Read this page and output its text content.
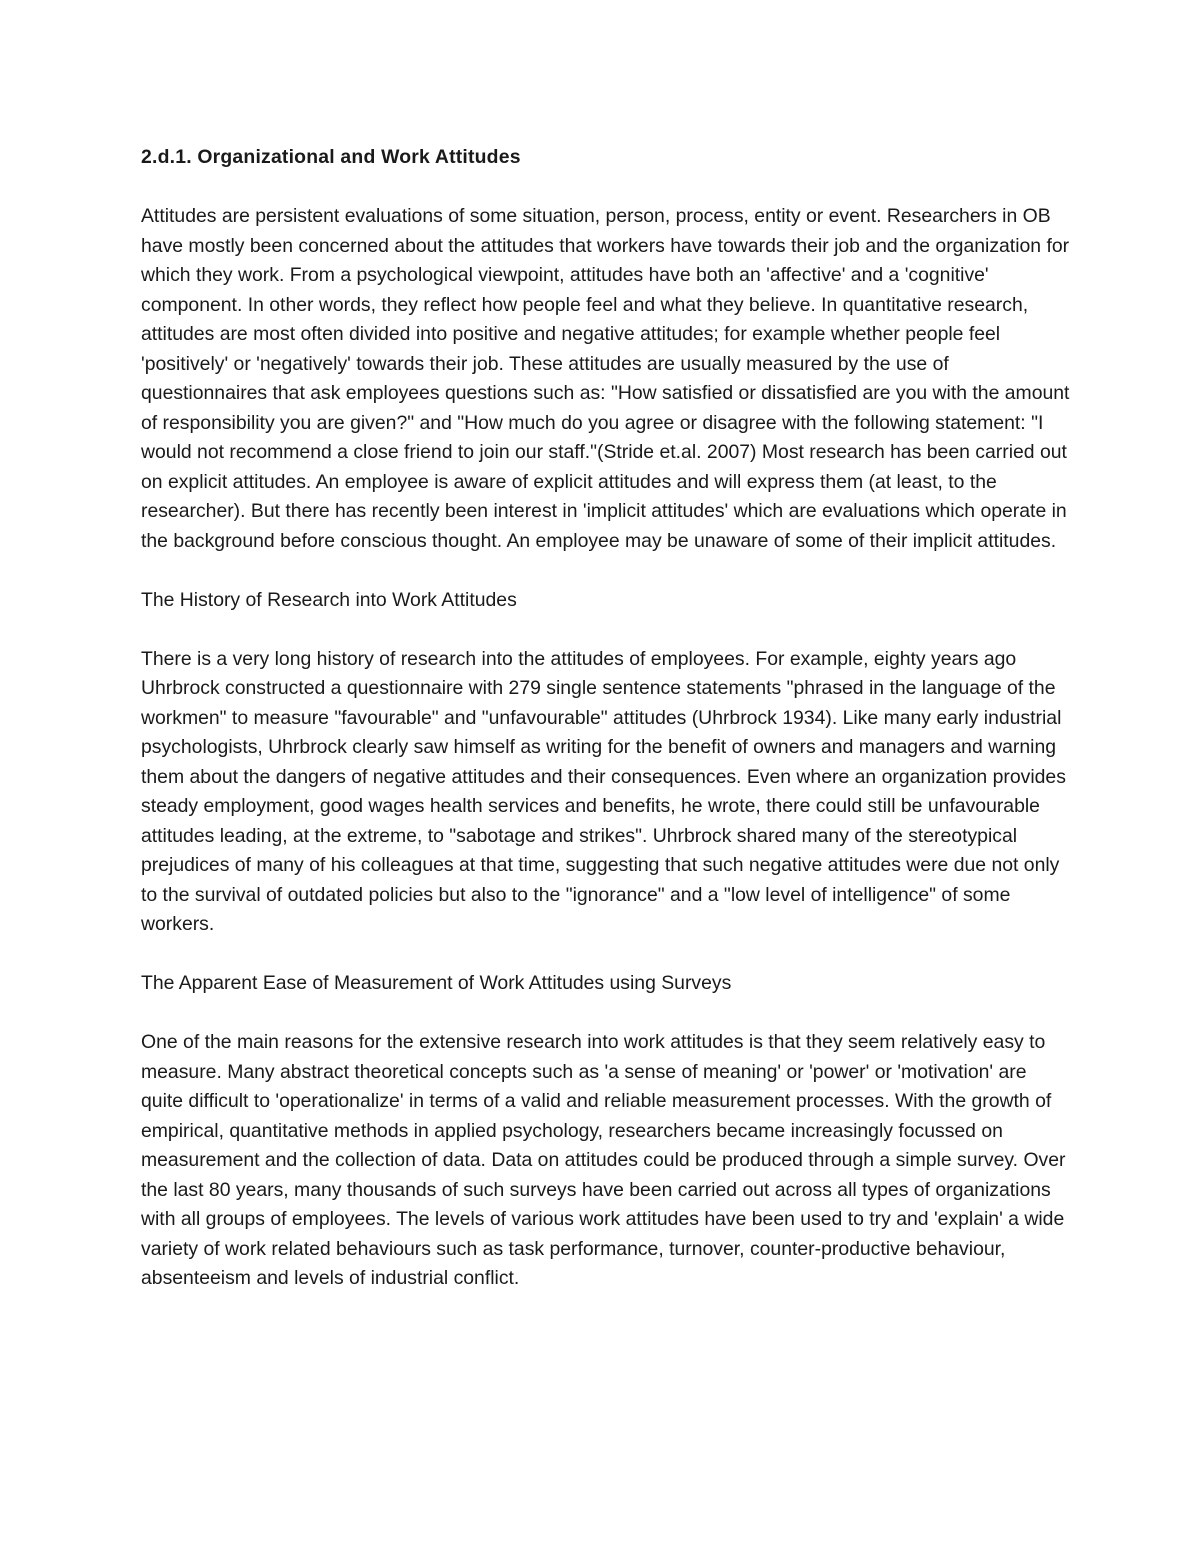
2.d.1. Organizational and Work Attitudes

Attitudes are persistent evaluations of some situation, person, process, entity or event. Researchers in OB have mostly been concerned about the attitudes that workers have towards their job and the organization for which they work. From a psychological viewpoint, attitudes have both an 'affective' and a 'cognitive' component. In other words, they reflect how people feel and what they believe. In quantitative research, attitudes are most often divided into positive and negative attitudes; for example whether people feel 'positively' or 'negatively' towards their job. These attitudes are usually measured by the use of questionnaires that ask employees questions such as: "How satisfied or dissatisfied are you with the amount of responsibility you are given?" and "How much do you agree or disagree with the following statement: "I would not recommend a close friend to join our staff."(Stride et.al. 2007) Most research has been carried out on explicit attitudes. An employee is aware of explicit attitudes and will express them (at least, to the researcher). But there has recently been interest in 'implicit attitudes' which are evaluations which operate in the background before conscious thought. An employee may be unaware of some of their implicit attitudes.

The History of Research into Work Attitudes

There is a very long history of research into the attitudes of employees. For example, eighty years ago Uhrbrock constructed a questionnaire with 279 single sentence statements "phrased in the language of the workmen" to measure "favourable" and "unfavourable" attitudes (Uhrbrock 1934). Like many early industrial psychologists, Uhrbrock clearly saw himself as writing for the benefit of owners and managers and warning them about the dangers of negative attitudes and their consequences. Even where an organization provides steady employment, good wages health services and benefits, he wrote, there could still be unfavourable attitudes leading, at the extreme, to "sabotage and strikes". Uhrbrock shared many of the stereotypical prejudices of many of his colleagues at that time, suggesting that such negative attitudes were due not only to the survival of outdated policies but also to the "ignorance" and a "low level of intelligence" of some workers.

The Apparent Ease of Measurement of Work Attitudes using Surveys

One of the main reasons for the extensive research into work attitudes is that they seem relatively easy to measure. Many abstract theoretical concepts such as 'a sense of meaning' or 'power' or 'motivation' are quite difficult to 'operationalize' in terms of a valid and reliable measurement processes. With the growth of empirical, quantitative methods in applied psychology, researchers became increasingly focussed on measurement and the collection of data. Data on attitudes could be produced through a simple survey. Over the last 80 years, many thousands of such surveys have been carried out across all types of organizations with all groups of employees. The levels of various work attitudes have been used to try and 'explain' a wide variety of work related behaviours such as task performance, turnover, counter-productive behaviour, absenteeism and levels of industrial conflict.
